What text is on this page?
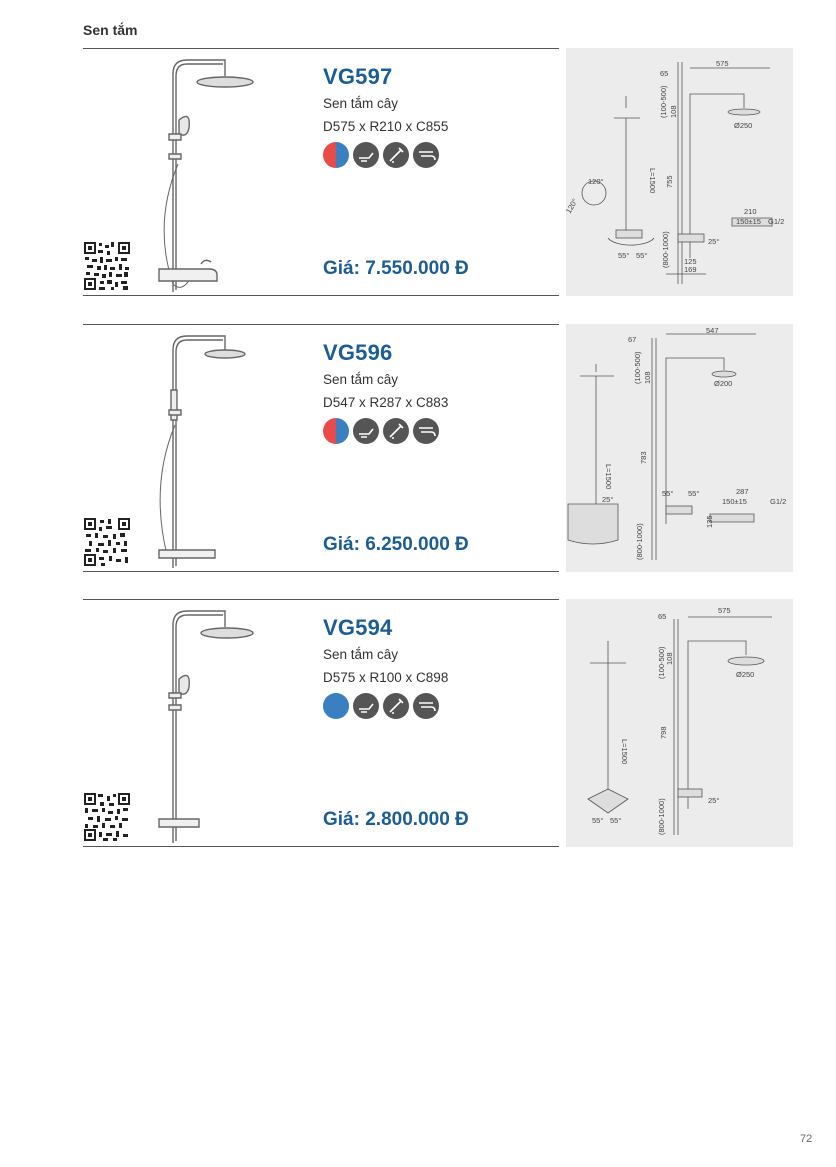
Sen tắm
VG597
Sen tắm cây
D575 x R210 x C855
Giá: 7.550.000 Đ
575
65
(100-500) 108
Ø250
L=1500 755
(800-1000)
120°
120°
25°
55° 55°
210
150±15 G1/2
125
169
VG596
Sen tắm cây
D547 x R287 x C883
Giá: 6.250.000 Đ
547
67
(100-500) 108	Ø200
L=1500
783
(800-1000)
25°
55° 55°	287
150±15	G1/2
135
VG594
Sen tắm cây
D575 x R100 x C898
Giá: 2.800.000 Đ
575
65
(100-500) 108
Ø250
L=1500
798
(800-1000)	25°
55° 55°
72
